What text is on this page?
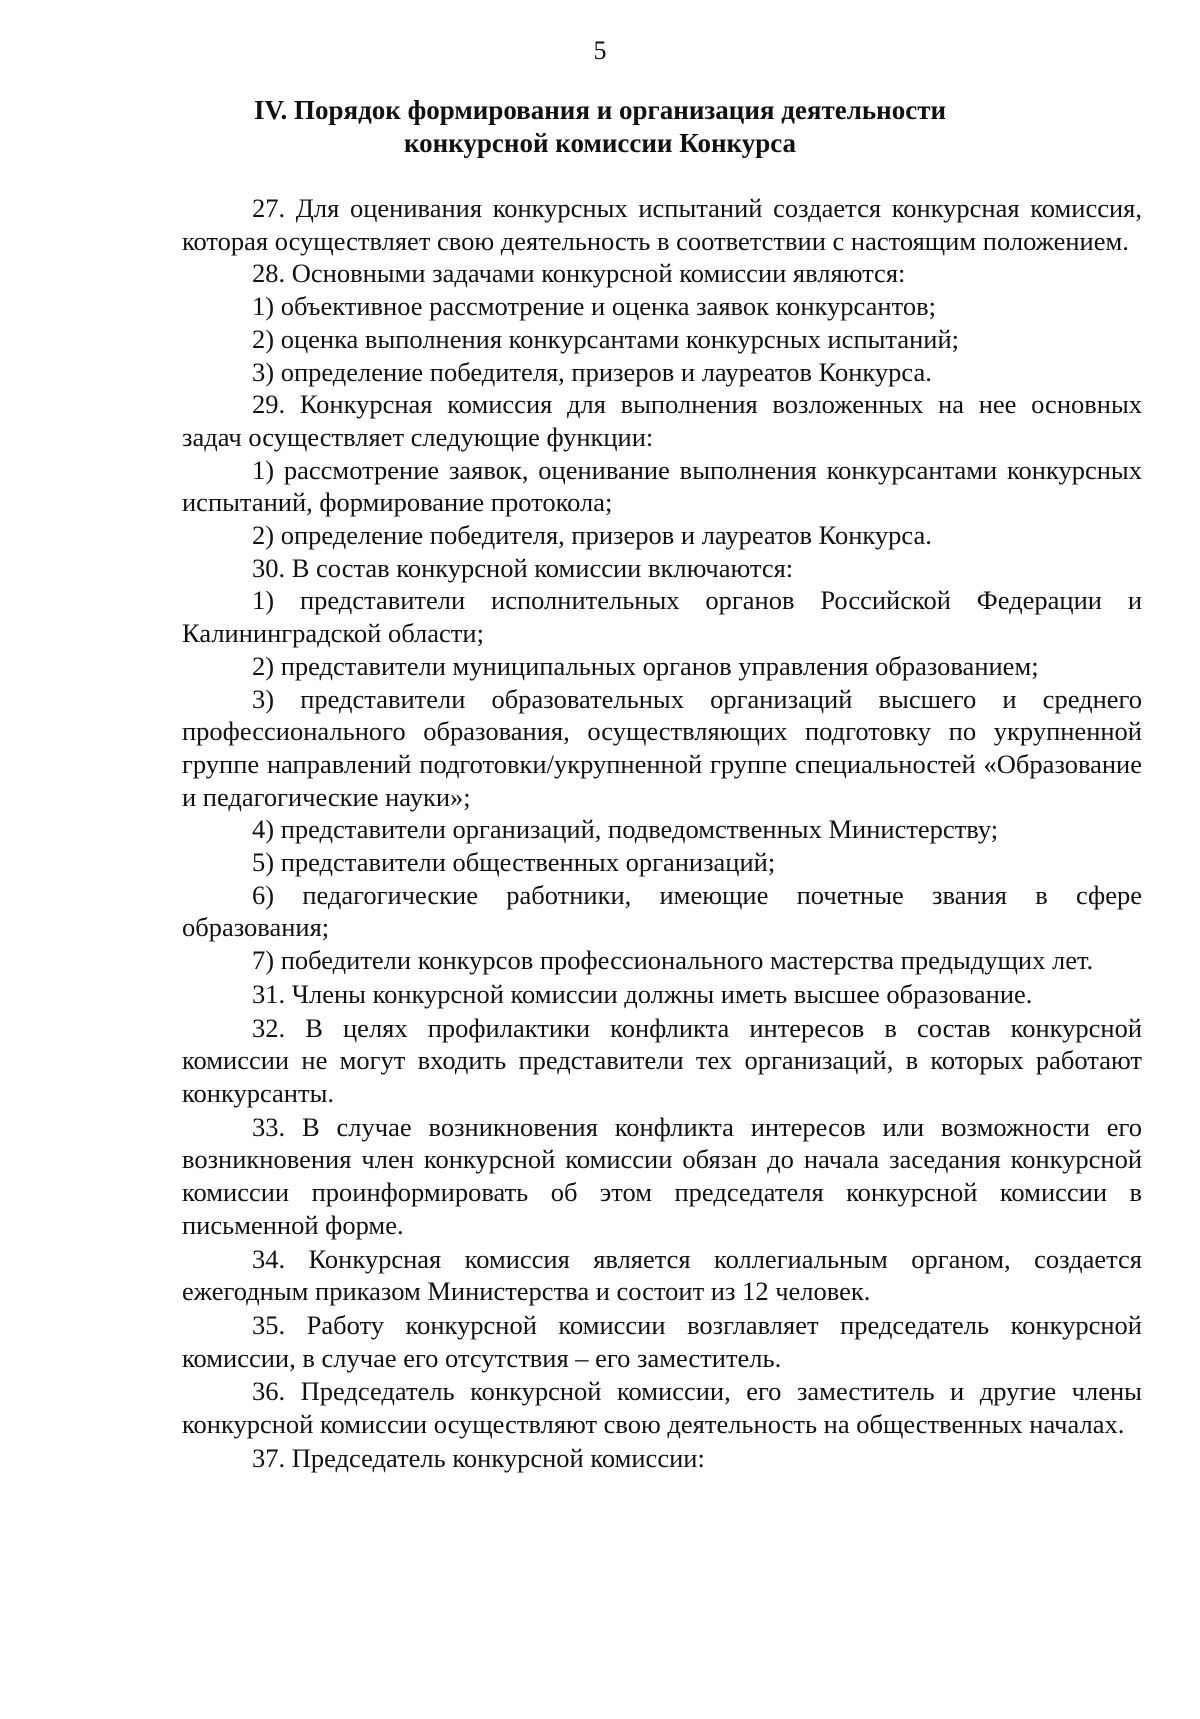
5
IV. Порядок формирования и организация деятельности
конкурсной комиссии Конкурса

27. Для оценивания конкурсных испытаний создается конкурсная комиссия, которая осуществляет свою деятельность в соответствии с настоящим положением.

28. Основными задачами конкурсной комиссии являются:

1) объективное рассмотрение и оценка заявок конкурсантов;

2) оценка выполнения конкурсантами конкурсных испытаний;

3) определение победителя, призеров и лауреатов Конкурса.

29. Конкурсная комиссия для выполнения возложенных на нее основных задач осуществляет следующие функции:

1) рассмотрение заявок, оценивание выполнения конкурсантами конкурсных испытаний, формирование протокола;

2) определение победителя, призеров и лауреатов Конкурса.

30. В состав конкурсной комиссии включаются:

1) представители исполнительных органов Российской Федерации и Калининградской области;

2) представители муниципальных органов управления образованием;

3) представители образовательных организаций высшего и среднего профессионального образования, осуществляющих подготовку по укрупненной группе направлений подготовки/укрупненной группе специальностей «Образование и педагогические науки»;

4) представители организаций, подведомственных Министерству;

5) представители общественных организаций;

6) педагогические работники, имеющие почетные звания в сфере образования;

7) победители конкурсов профессионального мастерства предыдущих лет.

31. Члены конкурсной комиссии должны иметь высшее образование.

32. В целях профилактики конфликта интересов в состав конкурсной комиссии не могут входить представители тех организаций, в которых работают конкурсанты.

33. В случае возникновения конфликта интересов или возможности его возникновения член конкурсной комиссии обязан до начала заседания конкурсной комиссии проинформировать об этом председателя конкурсной комиссии в письменной форме.

34. Конкурсная комиссия является коллегиальным органом, создается ежегодным приказом Министерства и состоит из 12 человек.

35. Работу конкурсной комиссии возглавляет председатель конкурсной комиссии, в случае его отсутствия – его заместитель.

36. Председатель конкурсной комиссии, его заместитель и другие члены конкурсной комиссии осуществляют свою деятельность на общественных началах.

37. Председатель конкурсной комиссии:
